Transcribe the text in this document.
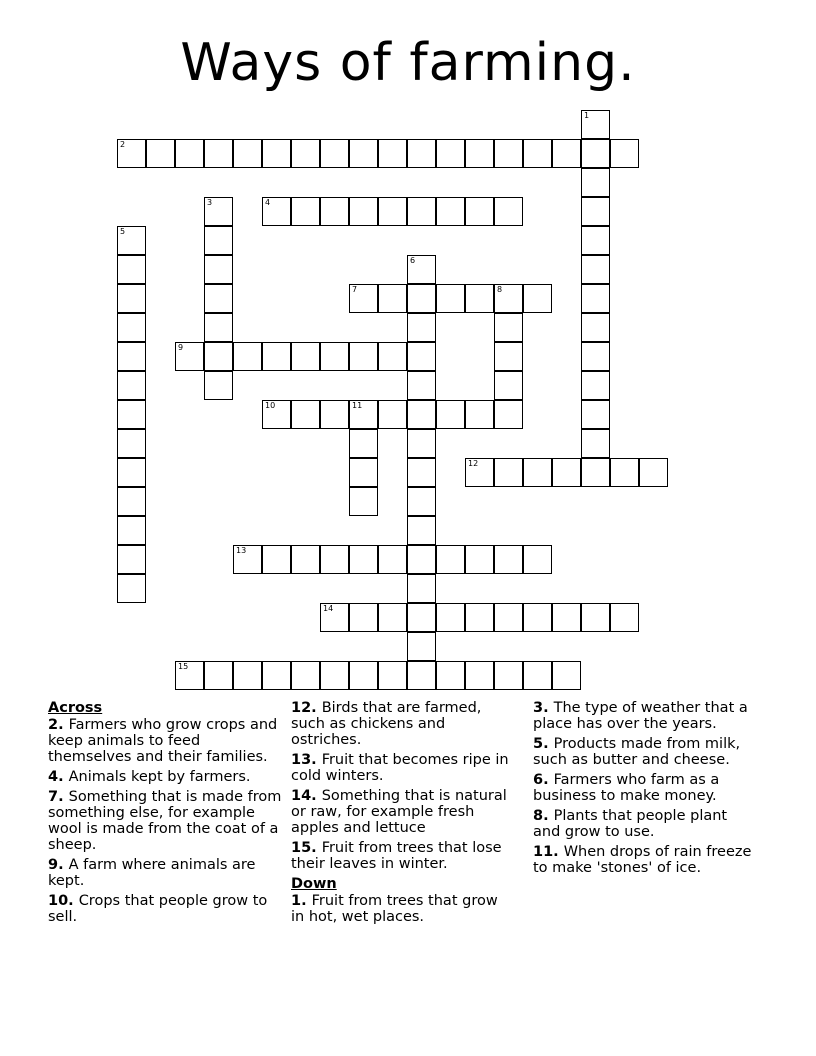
Ways of farming.
1
2
3	4
5
6
7	8
9
10	11
12
13
14
15
Across
2. Farmers who grow crops and keep animals to feed themselves and their families.
4. Animals kept by farmers.
7. Something that is made from something else, for example wool is made from the coat of a sheep.
9. A farm where animals are kept.
10. Crops that people grow to sell.
12. Birds that are farmed, such as chickens and ostriches.
13. Fruit that becomes ripe in cold winters.
14. Something that is natural or raw, for example fresh apples and lettuce
15. Fruit from trees that lose their leaves in winter.
Down
1. Fruit from trees that grow in hot, wet places.
3. The type of weather that a place has over the years.
5. Products made from milk, such as butter and cheese.
6. Farmers who farm as a business to make money.
8. Plants that people plant and grow to use.
11. When drops of rain freeze to make 'stones' of ice.
